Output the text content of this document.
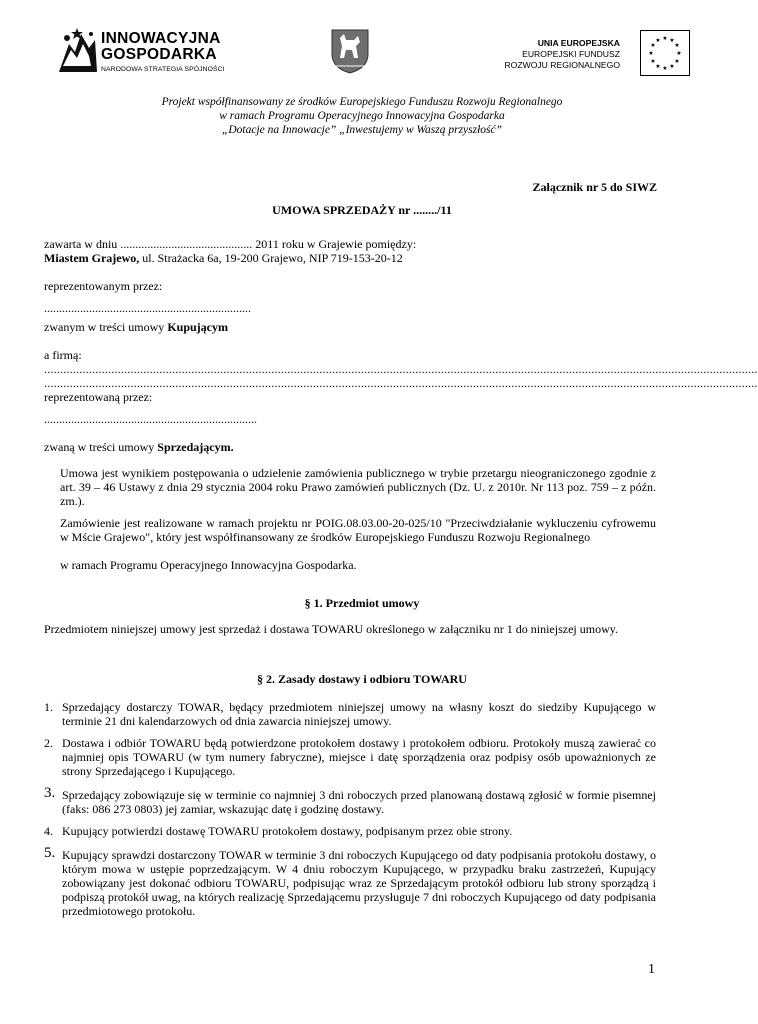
INNOWACYJNA
GOSPODARKA
NARODOWA STRATEGIA SPÓJNOŚCI
UNIA EUROPEJSKA
EUROPEJSKI FUNDUSZ
ROZWOJU REGIONALNEGO
★ ★
★
★
★
★
★
★
★
★
★
★
Projekt współfinansowany ze środków Europejskiego Funduszu Rozwoju Regionalnego
w ramach Programu Operacyjnego Innowacyjna Gospodarka
„Dotacje na Innowacje” „Inwestujemy w Waszą przyszłość”
Załącznik nr 5 do SIWZ
UMOWA SPRZEDAŻY nr ......../11
zawarta w dniu ............................................ 2011 roku w Grajewie pomiędzy:
Miastem Grajewo, ul. Strażacka 6a, 19-200 Grajewo, NIP 719-153-20-12
reprezentowanym przez:
.....................................................................
zwanym w treści umowy Kupującym
a firmą:
...............................................................................................................................................................................................................................
...............................................................................................................................................................................................................................
reprezentowaną przez:
.......................................................................
zwaną w treści umowy Sprzedającym.
Umowa jest wynikiem postępowania o udzielenie zamówienia publicznego w trybie przetargu nieograniczonego zgodnie z art. 39 – 46 Ustawy z dnia 29 stycznia 2004 roku Prawo zamówień publicznych (Dz. U. z 2010r. Nr 113 poz. 759 – z późn. zm.).
Zamówienie jest realizowane w ramach projektu nr POIG.08.03.00-20-025/10 "Przeciwdziałanie wykluczeniu cyfrowemu w Mście Grajewo", który jest współfinansowany ze środków Europejskiego Funduszu Rozwoju Regionalnego
w ramach Programu Operacyjnego Innowacyjna Gospodarka.
§ 1. Przedmiot umowy
Przedmiotem niniejszej umowy jest sprzedaż i dostawa TOWARU określonego w załączniku nr 1 do niniejszej umowy.
§ 2. Zasady dostawy i odbioru TOWARU
1. Sprzedający dostarczy TOWAR, będący przedmiotem niniejszej umowy na własny koszt do siedziby Kupującego w terminie 21 dni kalendarzowych od dnia zawarcia niniejszej umowy.
2. Dostawa i odbiór TOWARU będą potwierdzone protokołem dostawy i protokołem odbioru. Protokoły muszą zawierać co najmniej opis TOWARU (w tym numery fabryczne), miejsce i datę sporządzenia oraz podpisy osób upoważnionych ze strony Sprzedającego i Kupującego.
3. Sprzedający zobowiązuje się w terminie co najmniej 3 dni roboczych przed planowaną dostawą zgłosić w formie pisemnej (faks: 086 273 0803) jej zamiar, wskazując datę i godzinę dostawy.
4. Kupujący potwierdzi dostawę TOWARU protokołem dostawy, podpisanym przez obie strony.
5. Kupujący sprawdzi dostarczony TOWAR w terminie 3 dni roboczych Kupującego od daty podpisania protokołu dostawy, o którym mowa w ustępie poprzedzającym. W 4 dniu roboczym Kupującego, w przypadku braku zastrzeżeń, Kupujący zobowiązany jest dokonać odbioru TOWARU, podpisując wraz ze Sprzedającym protokół odbioru lub strony sporządzą i podpiszą protokół uwag, na których realizację Sprzedającemu przysługuje 7 dni roboczych Kupującego od daty podpisania przedmiotowego protokołu.
1
